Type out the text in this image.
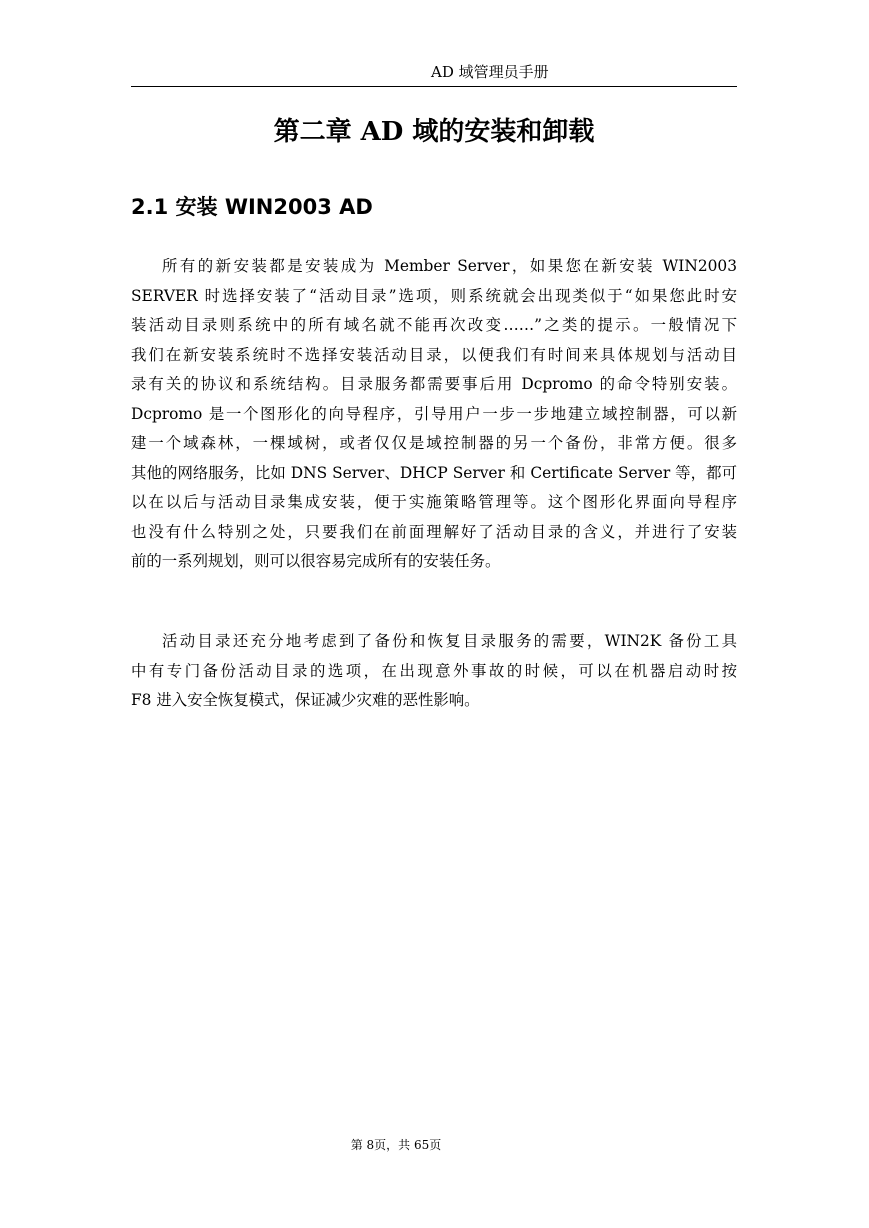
AD 域管理员手册
第二章 AD 域的安装和卸载
2.1 安装 WIN2003 AD
所有的新安装都是安装成为 Member Server，如果您在新安装 WIN2003
SERVER 时选择安装了“活动目录”选项，则系统就会出现类似于“如果您此时安
装活动目录则系统中的所有域名就不能再次改变……”之类的提示。一般情况下
我们在新安装系统时不选择安装活动目录，以便我们有时间来具体规划与活动目
录有关的协议和系统结构。目录服务都需要事后用 Dcpromo 的命令特别安装。
Dcpromo 是一个图形化的向导程序，引导用户一步一步地建立域控制器，可以新
建一个域森林，一棵域树，或者仅仅是域控制器的另一个备份，非常方便。很多
其他的网络服务，比如 DNS Server、DHCP Server 和 Certificate Server 等，都可
以在以后与活动目录集成安装，便于实施策略管理等。这个图形化界面向导程序
也没有什么特别之处，只要我们在前面理解好了活动目录的含义，并进行了安装
前的一系列规划，则可以很容易完成所有的安装任务。
活动目录还充分地考虑到了备份和恢复目录服务的需要，WIN2K 备份工具
中有专门备份活动目录的选项，在出现意外事故的时候，可以在机器启动时按
F8 进入安全恢复模式，保证减少灾难的恶性影响。
第 8页，共 65页
